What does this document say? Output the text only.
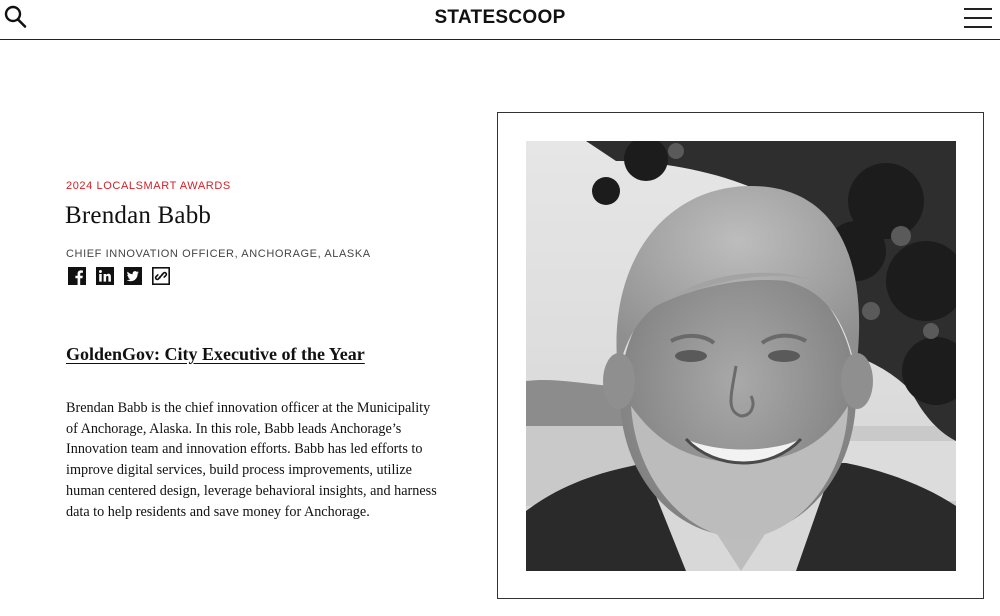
STATESCOOP
2024 LOCALSMART AWARDS
Brendan Babb
CHIEF INNOVATION OFFICER, ANCHORAGE, ALASKA
GoldenGov: City Executive of the Year

Brendan Babb is the chief innovation officer at the Municipality of Anchorage, Alaska. In this role, Babb leads Anchorage’s Innovation team and innovation efforts. Babb has led efforts to improve digital services, build process improvements, utilize human centered design, leverage behavioral insights, and harness data to help residents and save money for Anchorage.
